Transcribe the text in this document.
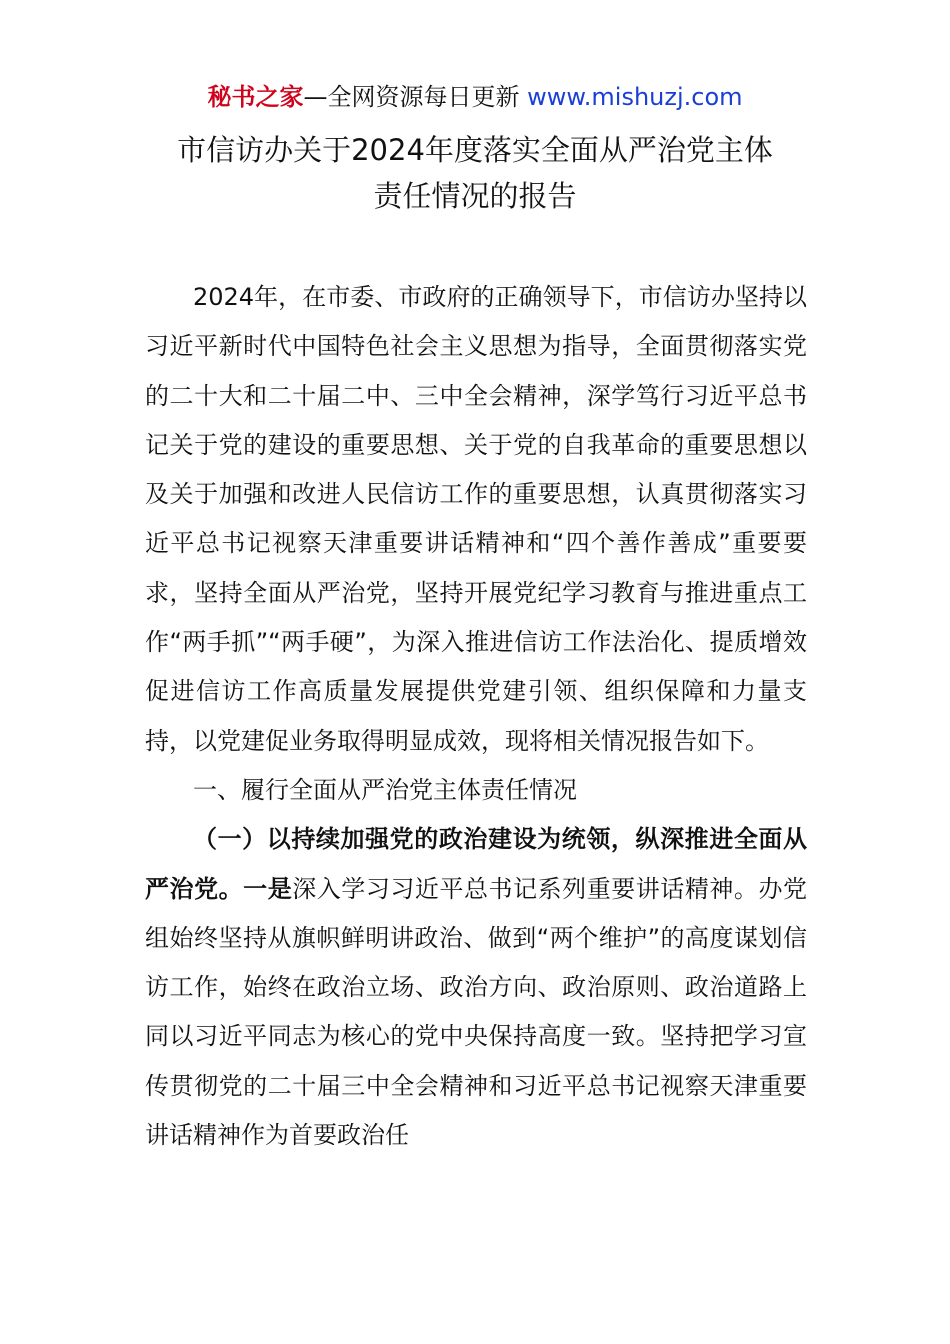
秘书之家—全网资源每日更新 www.mishuzj.com
市信访办关于2024年度落实全面从严治党主体
责任情况的报告

2024年，在市委、市政府的正确领导下，市信访办坚持以习近平新时代中国特色社会主义思想为指导，全面贯彻落实党的二十大和二十届二中、三中全会精神，深学笃行习近平总书记关于党的建设的重要思想、关于党的自我革命的重要思想以及关于加强和改进人民信访工作的重要思想，认真贯彻落实习近平总书记视察天津重要讲话精神和“四个善作善成”重要要求，坚持全面从严治党，坚持开展党纪学习教育与推进重点工作“两手抓”“两手硬”，为深入推进信访工作法治化、提质增效促进信访工作高质量发展提供党建引领、组织保障和力量支持，以党建促业务取得明显成效，现将相关情况报告如下。

一、履行全面从严治党主体责任情况

（一）以持续加强党的政治建设为统领，纵深推进全面从严治党。一是深入学习习近平总书记系列重要讲话精神。办党组始终坚持从旗帜鲜明讲政治、做到“两个维护”的高度谋划信访工作，始终在政治立场、政治方向、政治原则、政治道路上同以习近平同志为核心的党中央保持高度一致。坚持把学习宣传贯彻党的二十届三中全会精神和习近平总书记视察天津重要讲话精神作为首要政治任
